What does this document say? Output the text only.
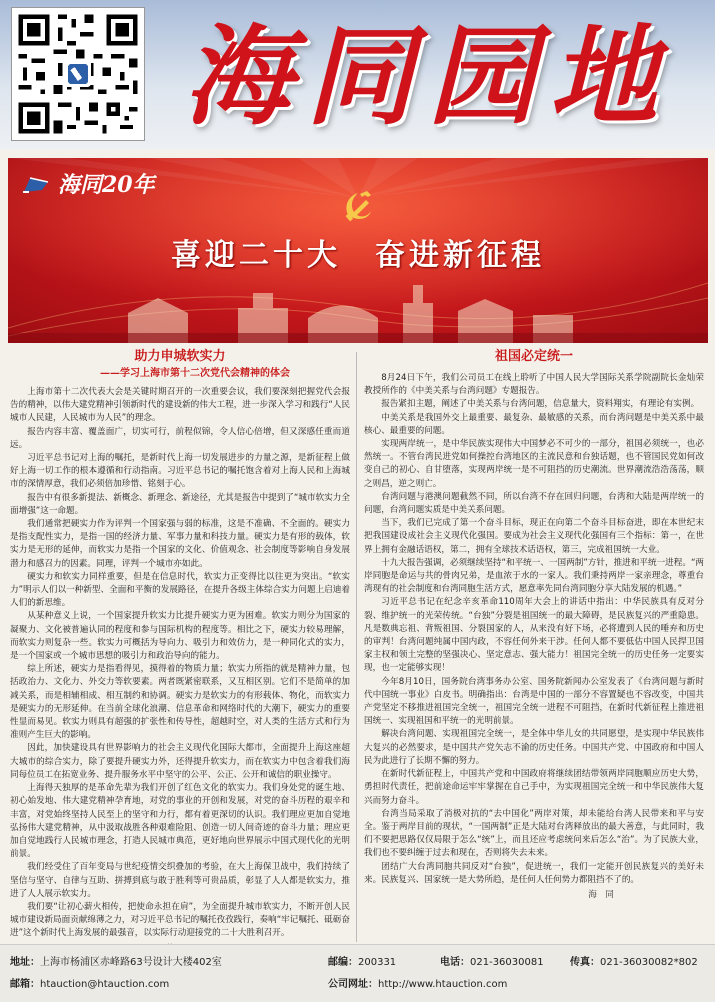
海同园地
海同20年
喜迎二十大　奋进新征程
助力申城软实力
——学习上海市第十二次党代会精神的体会

上海市第十二次代表大会是关键时期召开的一次重要会议，我们要深刻把握党代会报告的精神，以伟大建党精神引领新时代的建设新的伟大工程，进一步深入学习和践行“人民城市人民建，人民城市为人民”的理念。

报告内容丰富、覆盖面广，切实可行，前程似锦，令人信心倍增，但又深感任重而道远。

习近平总书记对上海的嘱托，是新时代上海一切发展进步的力量之源，是新征程上做好上海一切工作的根本遵循和行动指南。习近平总书记的嘱托饱含着对上海人民和上海城市的深情厚意，我们必须倍加珍惜、铭刻于心。

报告中有很多新提法、新概念、新理念、新途径，尤其是报告中提到了“城市软实力全面增强”这一命题。

我们通常把硬实力作为评判一个国家强与弱的标准，这是不准确、不全面的。硬实力是指支配性实力，是指一国的经济力量、军事力量和科技力量。硬实力是有形的载体，软实力是无形的延伸，而软实力是指一个国家的文化、价值观念、社会制度等影响自身发展潜力和感召力的因素。同理，评判一个城市亦如此。

硬实力和软实力同样重要，但是在信息时代，软实力正变得比以往更为突出。“软实力”明示人们以一种新型、全面和平衡的发展路径，在提升各级主体综合实力问题上启迪着人们的新思维。

从某种意义上说，一个国家提升软实力比提升硬实力更为困难。软实力则分为国家的凝聚力、文化被普遍认同的程度和参与国际机构的程度等。相比之下，硬实力较易理解，而软实力则复杂一些。软实力可概括为导向力、吸引力和效仿力，是一种同化式的实力，是一个国家或一个城市思想的吸引力和政治导向的能力。

综上所述，硬实力是指看得见，摸得着的物质力量；软实力所指的就是精神力量，包括政治力、文化力、外交力等软要素。两者既紧密联系，又互相区别。它们不是简单的加减关系，而是相辅相成、相互制约和协调。硬实力是软实力的有形载体、物化，而软实力是硬实力的无形延伸。在当前全球化浪潮、信息革命和网络时代的大潮下，硬实力的重要性显而易见。软实力则具有超强的扩张性和传导性，超越时空，对人类的生活方式和行为准则产生巨大的影响。

因此，加快建设具有世界影响力的社会主义现代化国际大都市，全面提升上海这座超大城市的综合实力，除了要提升硬实力外，还得提升软实力，而在软实力中包含着我们海同每位员工在拓宽业务、提升服务水平中坚守的公平、公正、公开和诚信的职业操守。

上海得天独厚的是革命先辈为我们开创了红色文化的软实力。我们身处党的诞生地、初心始发地、伟大建党精神孕育地，对党的事业的开创和发展，对党的奋斗历程的艰辛和丰富，对党始终坚持人民至上的坚守和力行，都有着更深切的认识。我们理应更加自觉地弘扬伟大建党精神，从中汲取战胜各种艰难险阻、创造一切人间奇迹的奋斗力量；理应更加自觉地践行人民城市理念，打造人民城市典范，更好地向世界展示中国式现代化的光明前景。

我们经受住了百年变局与世纪疫情交织叠加的考验，在大上海保卫战中，我们持续了坚信与坚守、自律与互助、拼搏到底与敢于胜利等可贵品质，彰显了人人都是软实力，推进了人人展示软实力。

我们要“让初心薪火相传，把使命永担在肩”，为全面提升城市软实力，不断开创人民城市建设新局面贡献绵薄之力，对习近平总书记的嘱托孜孜践行，奏响“牢记嘱托、砥砺奋进”这个新时代上海发展的最强音，以实际行动迎接党的二十大胜利召开。

祖国必定统一

8月24日下午，我们公司员工在线上聆听了中国人民大学国际关系学院副院长金灿荣教授所作的《中美关系与台湾问题》专题报告。

报告紧扣主题，阐述了中美关系与台湾问题，信息量大，资料翔实，有理论有实例。

中美关系是我国外交上最重要、最复杂、最敏感的关系，而台湾问题是中美关系中最核心、最重要的问题。

实现两岸统一，是中华民族实现伟大中国梦必不可少的一部分，祖国必须统一，也必然统一。不管台湾民进党如何操控台湾地区的主流民意和台独话题，也不管国民党如何改变自己的初心、自甘堕落，实现两岸统一是不可阻挡的历史潮流。世界潮流浩浩荡荡，顺之则昌，逆之则亡。

台湾问题与港澳问题截然不同，所以台湾不存在回归问题，台湾和大陆是两岸统一的问题，台湾问题实质是中美关系问题。

当下，我们已完成了第一个奋斗目标，现正在向第二个奋斗目标奋进，即在本世纪末把我国建设成社会主义现代化强国。要成为社会主义现代化强国有三个指标：第一，在世界上拥有金融话语权，第二，拥有全球技术话语权，第三，完成祖国统一大业。

十九大报告强调，必须继续坚持“和平统一、一国两制”方针，推进和平统一进程。“两岸同胞是命运与共的骨肉兄弟，是血浓于水的一家人。我们秉持两岸一家亲理念，尊重台湾现有的社会制度和台湾同胞生活方式，愿意率先同台湾同胞分享大陆发展的机遇。”

习近平总书记在纪念辛亥革命110周年大会上的讲话中指出：中华民族具有反对分裂、维护统一的光荣传统。“台独”分裂是祖国统一的最大障碍，是民族复兴的严重隐患。凡是数典忘祖、背叛祖国、分裂国家的人，从来没有好下场，必将遭到人民的唾弃和历史的审判！台湾问题纯属中国内政，不容任何外来干涉。任何人都不要低估中国人民捍卫国家主权和领土完整的坚强决心、坚定意志、强大能力！祖国完全统一的历史任务一定要实现，也一定能够实现！

今年8月10日，国务院台湾事务办公室、国务院新闻办公室发表了《台湾问题与新时代中国统一事业》白皮书。明确指出：台湾是中国的一部分不容置疑也不容改变，中国共产党坚定不移推进祖国完全统一，祖国完全统一进程不可阻挡，在新时代新征程上推进祖国统一、实现祖国和平统一的光明前景。

解决台湾问题、实现祖国完全统一，是全体中华儿女的共同愿望，是实现中华民族伟大复兴的必然要求，是中国共产党矢志不渝的历史任务。中国共产党、中国政府和中国人民为此进行了长期不懈的努力。

在新时代新征程上，中国共产党和中国政府将继续团结带领两岸同胞顺应历史大势，勇担时代责任，把前途命运牢牢掌握在自己手中，为实现祖国完全统一和中华民族伟大复兴而努力奋斗。

台湾当局采取了消极对抗的“去中国化”两岸对策，却未能给台湾人民带来和平与安全。鉴于两岸目前的现状，“一国两制”正是大陆对台湾释放出的最大善意，与此同时，我们不要把思路仅仅局限于怎么“统”上，而且还应考虑统问来后怎么“治”。为了民族大业，我们也不要纠缠于过去和现在，否则将失去未来。

团结广大台湾同胞共同反对“台独”，促进统一，我们一定能开创民族复兴的美好未来。民族复兴、国家统一是大势所趋，是任何人任何势力都阻挡不了的。

海　同
地址：上海市杨浦区赤峰路63号设计大楼402室	邮编：200331	电话：021-36030081	传真：021-36030082*802
邮箱：htauction@htauction.com	公司网址：http://www.htauction.com
